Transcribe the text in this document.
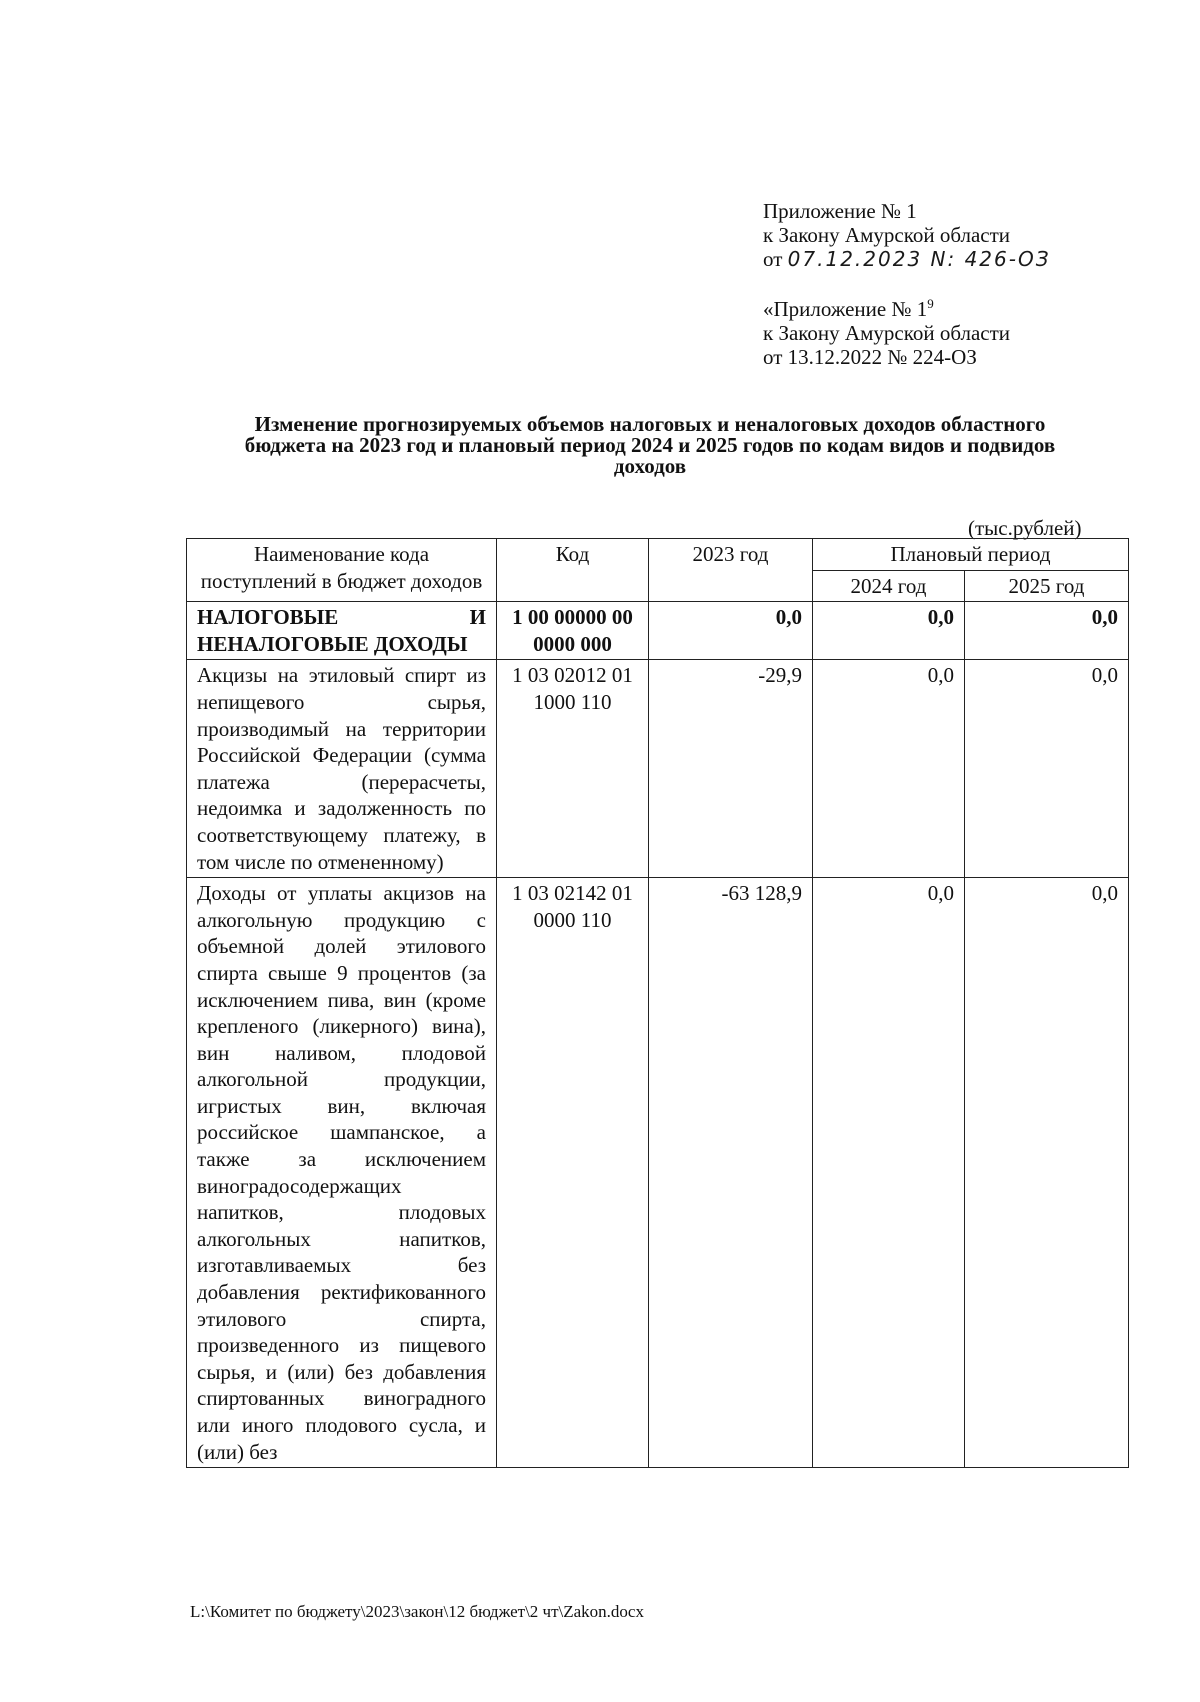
Приложение № 1
к Закону Амурской области
от 07.12.2023 N: 426-ОЗ
«Приложение № $1^9$
к Закону Амурской области
от 13.12.2022 № 224-ОЗ
Изменение прогнозируемых объемов налоговых и неналоговых доходов областного
бюджета на 2023 год и плановый период 2024 и 2025 годов по кодам видов и подвидов
доходов
(тыс.рублей)
Наименование кода поступлений в бюджет доходов	Код	2023 год	Плановый период	
			2024 год	2025 год
НАЛОГОВЫЕ И НЕНАЛОГОВЫЕ ДОХОДЫ	1 00 00000 00 0000 000	0,0	0,0	0,0
Акцизы на этиловый спирт из непищевого сырья, производимый на территории Российской Федерации (сумма платежа (перерасчеты, недоимка и задолженность по соответствующему платежу, в том числе по отмененному)	1 03 02012 01 1000 110	-29,9	0,0	0,0
Доходы от уплаты акцизов на алкогольную продукцию с объемной долей этилового спирта свыше 9 процентов (за исключением пива, вин (кроме крепленого (ликерного) вина), вин наливом, плодовой алкогольной продукции, игристых вин, включая российское шампанское, а также за исключением виноградосодержащих напитков, плодовых алкогольных напитков, изготавливаемых без добавления ректификованного этилового спирта, произведенного из пищевого сырья, и (или) без добавления спиртованных виноградного или иного плодового сусла, и (или) без	1 03 02142 01 0000 110	-63 128,9	0,0	0,0
L:\Комитет по бюджету\2023\закон\12 бюджет\2 чт\Zakon.docx
